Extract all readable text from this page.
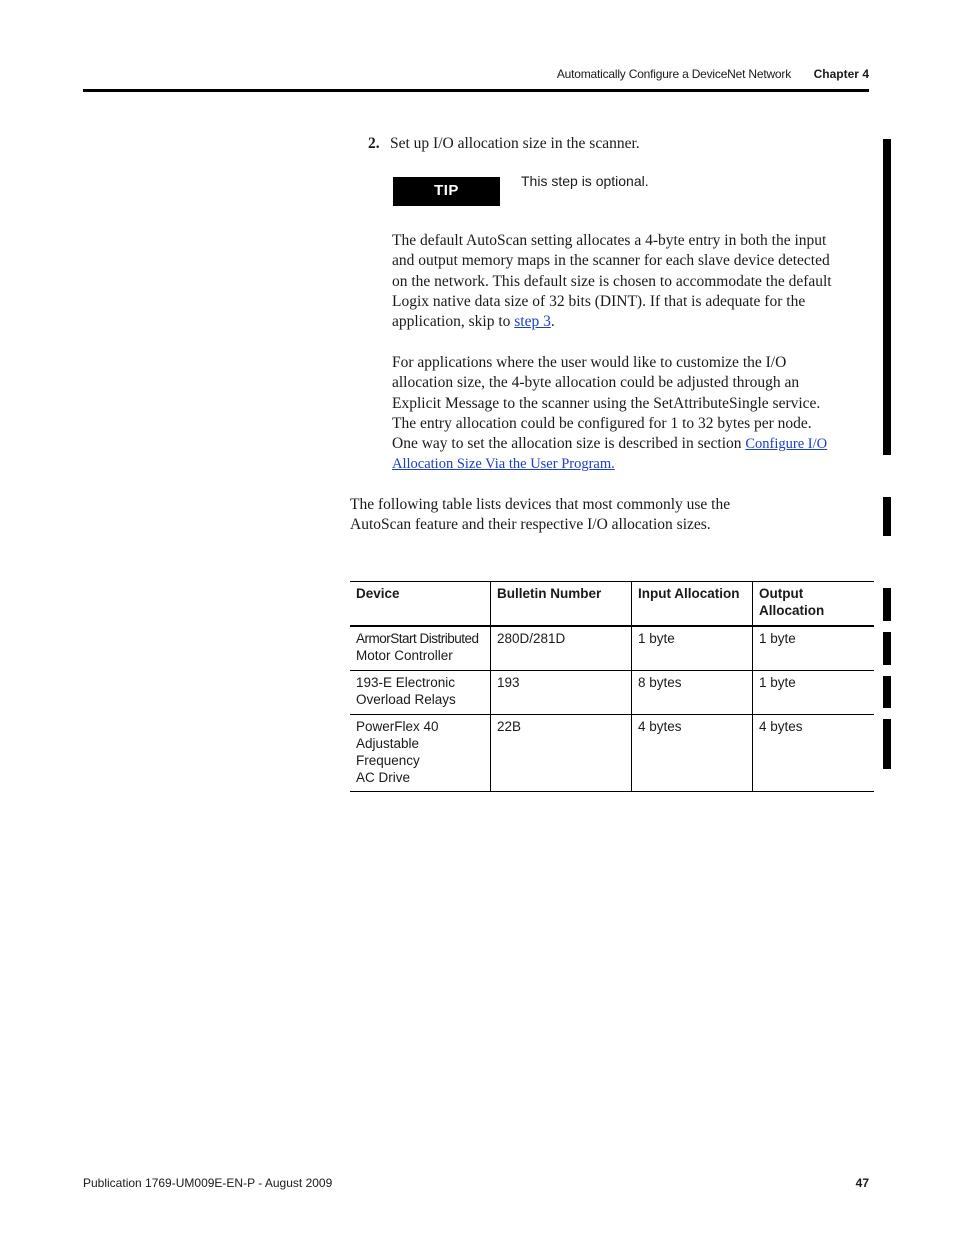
Automatically Configure a DeviceNet Network Chapter 4
2. Set up I/O allocation size in the scanner.
TIP
This step is optional.
The default AutoScan setting allocates a 4-byte entry in both the input
and output memory maps in the scanner for each slave device detected
on the network. This default size is chosen to accommodate the default
Logix native data size of 32 bits (DINT). If that is adequate for the
application, skip to step 3.
For applications where the user would like to customize the I/O
allocation size, the 4-byte allocation could be adjusted through an
Explicit Message to the scanner using the SetAttributeSingle service.
The entry allocation could be configured for 1 to 32 bytes per node.
One way to set the allocation size is described in section Configure I/O
Allocation Size Via the User Program.
The following table lists devices that most commonly use the
AutoScan feature and their respective I/O allocation sizes.
Device	Bulletin Number	Input Allocation	Output
Allocation
ArmorStart Distributed
Motor Controller	280D/281D	1 byte	1 byte
193-E Electronic
Overload Relays	193	8 bytes	1 byte
PowerFlex 40
Adjustable Frequency
AC Drive	22B	4 bytes	4 bytes
Publication 1769-UM009E-EN-P - August 2009	47
